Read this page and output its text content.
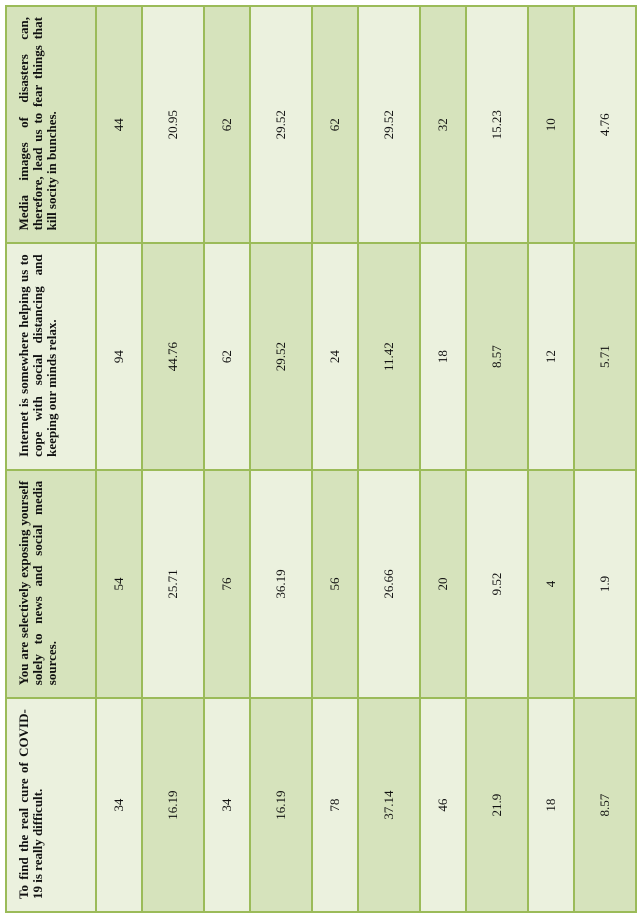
To find the real cure of COVID-19 is really difficult.	You are selectively exposing yourself solely to news and social media sources.	Internet is somewhere helping us to cope with social distancing and keeping our minds relax.	Media images of disasters can, therefore, lead us to fear things that kill socity in bunches.
34	54	94	44
16.19	25.71	44.76	20.95
34	76	62	62
16.19	36.19	29.52	29.52
78	56	24	62
37.14	26.66	11.42	29.52
46	20	18	32
21.9	9.52	8.57	15.23
18	4	12	10
8.57	1.9	5.71	4.76
